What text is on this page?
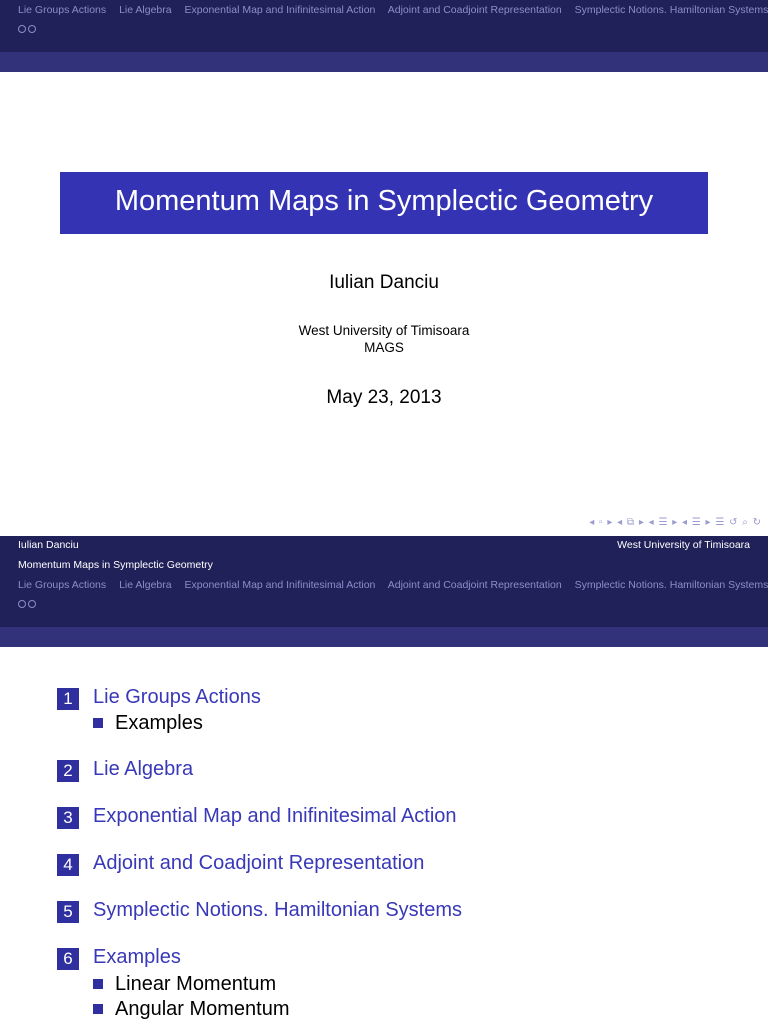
Lie Groups Actions Lie Algebra Exponential Map and Inifinitesimal Action Adjoint and Coadjoint Representation Symplectic Notions. Hamiltonian Systems
Momentum Maps in Symplectic Geometry
Iulian Danciu
West University of Timisoara
MAGS
May 23, 2013
◂ ▫ ▸ ◂ ⧉ ▸ ◂ ☰ ▸ ◂ ☰ ▸ ☰ ↺ ⌕ ↻
Iulian Danciu	West University of Timisoara
Momentum Maps in Symplectic Geometry
Lie Groups Actions Lie Algebra Exponential Map and Inifinitesimal Action Adjoint and Coadjoint Representation Symplectic Notions. Hamiltonian Systems
1	Lie Groups Actions
Examples
2	Lie Algebra
3	Exponential Map and Inifinitesimal Action
4	Adjoint and Coadjoint Representation
5	Symplectic Notions. Hamiltonian Systems
6	Examples
Linear Momentum
Angular Momentum
